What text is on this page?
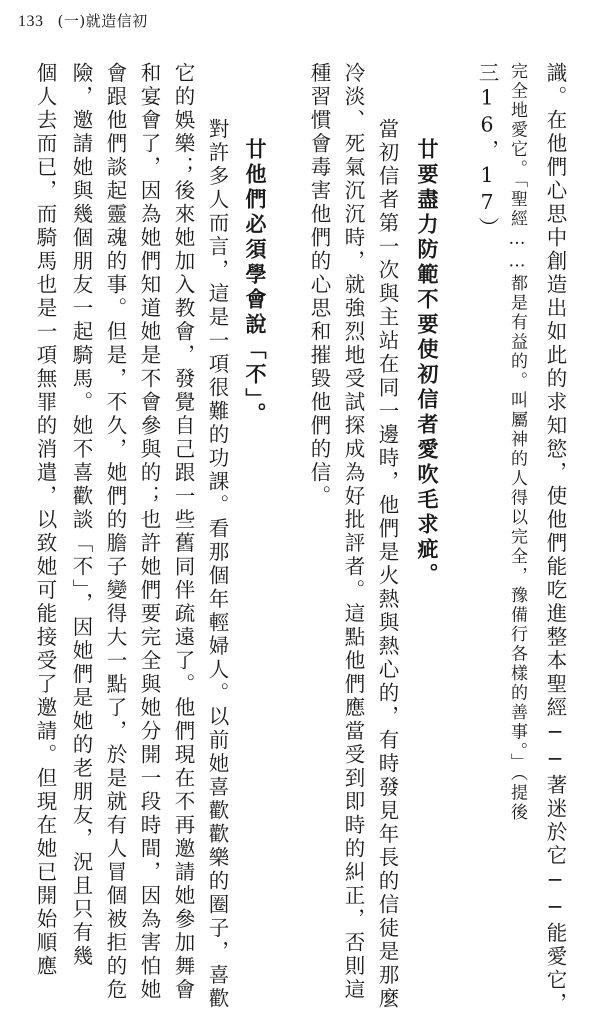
133 (一)就造信初
識。在他們心思中創造出如此的求知慾，使他們能吃進整本聖經──著迷於它──能愛它，
完全地愛它。「聖經……都是有益的。叫屬神的人得以完全，豫備行各樣的善事。」（提後
三16，17）
廿要盡力防範不要使初信者愛吹毛求疵。
當初信者第一次與主站在同一邊時，他們是火熱與熱心的，有時發見年長的信徒是那麼
冷淡、死氣沉沉時，就強烈地受試探成為好批評者。這點他們應當受到即時的糾正，否則這
種習慣會毒害他們的心思和摧毀他們的信。
廿他們必須學會說「不」。
對許多人而言，這是一項很難的功課。看那個年輕婦人。以前她喜歡歡樂的圈子，喜歡
它的娛樂；後來她加入教會，發覺自己跟一些舊同伴疏遠了。他們現在不再邀請她參加舞會
和宴會了，因為她們知道她是不會參與的；也許她們要完全與她分開一段時間，因為害怕她
會跟他們談起靈魂的事。但是，不久，她們的膽子變得大一點了，於是就有人冒個被拒的危
險，邀請她與幾個朋友一起騎馬。她不喜歡談「不」，因她們是她的老朋友，況且只有幾
個人去而已，而騎馬也是一項無罪的消遣，以致她可能接受了邀請。但現在她已開始順應
